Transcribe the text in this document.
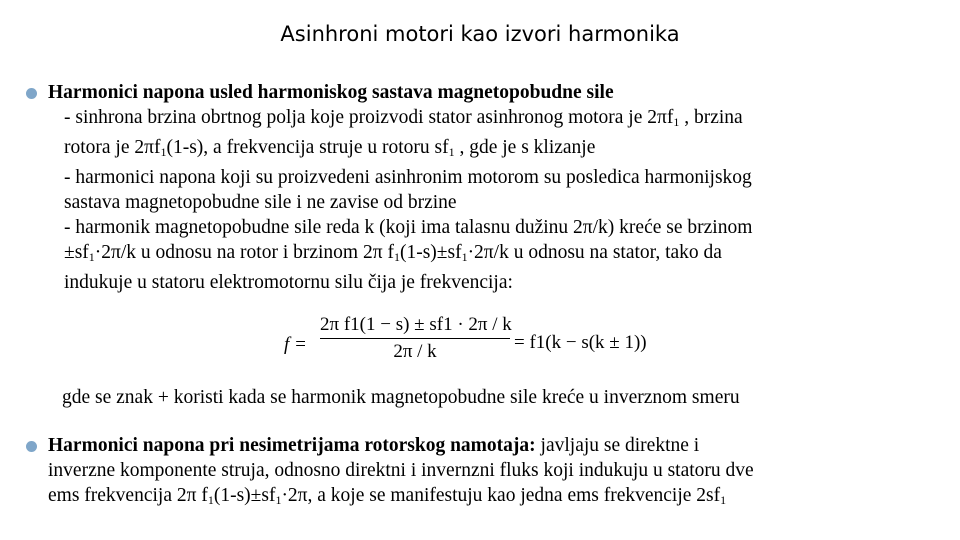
Asinhroni motori kao izvori harmonika
Harmonici napona usled harmoniskog sastava magnetopobudne sile

- sinhrona brzina obrtnog polja koje proizvodi stator asinhronog motora je $2\pi f_1$ , brzina

rotora je $2\pi f_1(1-s)$, a frekvencija struje u rotoru $sf_1$ , gde je s klizanje

- harmonici napona koji su proizvedeni asinhronim motorom su posledica harmonijskog

sastava magnetopobudne sile i ne zavise od brzine

- harmonik magnetopobudne sile reda k (koji ima talasnu dužinu 2π/k) kreće se brzinom

$\pm sf_1\cdot 2\pi/k$ u odnosu na rotor i brzinom 2π $f_1(1-s)\pm sf_1\cdot 2\pi/k$ u odnosu na stator, tako da

indukuje u statoru elektromotornu silu čija je frekvencija:

f =
2π f1(1 − s) ± sf1 · 2π / k
2π / k	= f1(k − s(k ± 1))
gde se znak + koristi kada se harmonik magnetopobudne sile kreće u inverznom smeru
Harmonici napona pri nesimetrijama rotorskog namotaja: javljaju se direktne i
inverzne komponente struja, odnosno direktni i invernzni fluks koji indukuju u statoru dve
ems frekvencija 2π $f_1(1-s)\pm sf_1\cdot 2\pi$, a koje se manifestuju kao jedna ems frekvencije $2sf_1$
